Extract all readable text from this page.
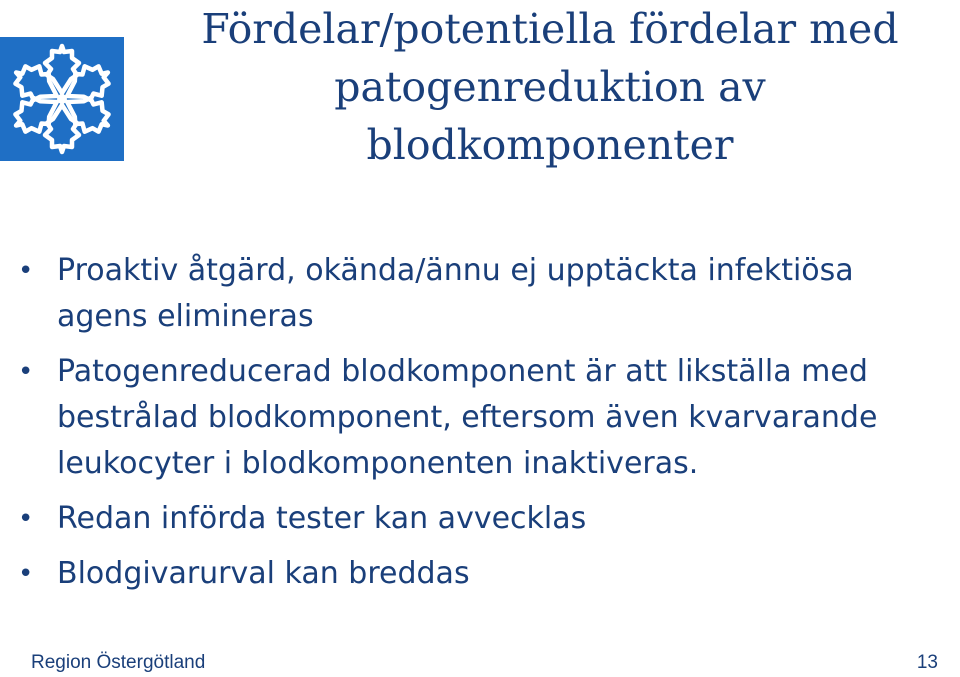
Fördelar/potentiella fördelar med
patogenreduktion av
blodkomponenter
• Proaktiv åtgärd, okända/ännu ej upptäckta infektiösa
agens elimineras
• Patogenreducerad blodkomponent är att likställa med
bestrålad blodkomponent, eftersom även kvarvarande
leukocyter i blodkomponenten inaktiveras.
• Redan införda tester kan avvecklas
• Blodgivarurval kan breddas
Region Östergötland	13
